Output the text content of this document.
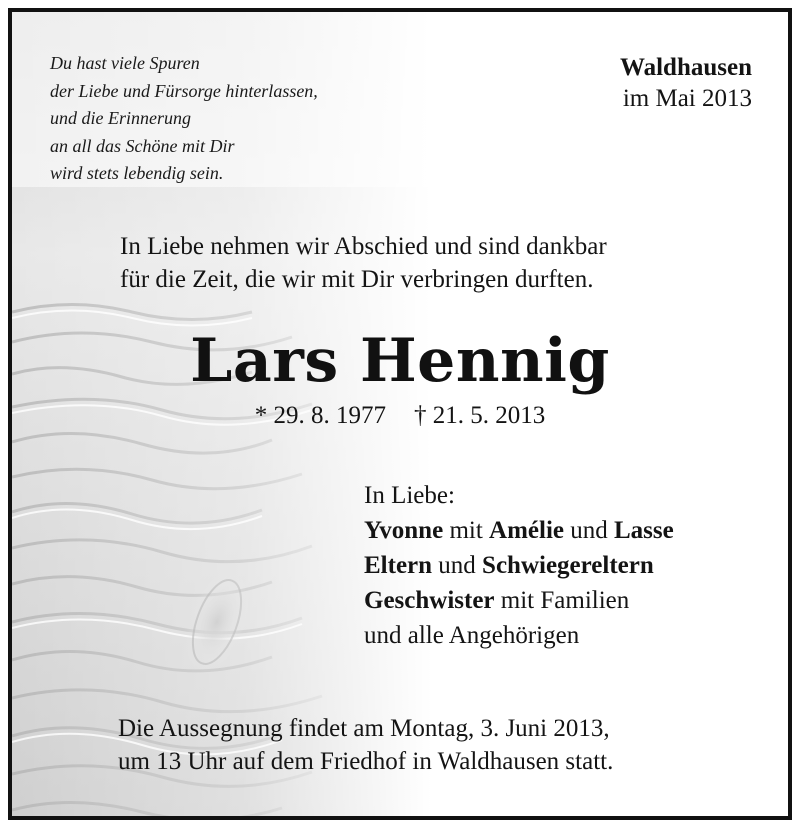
Du hast viele Spuren
der Liebe und Fürsorge hinterlassen,
und die Erinnerung
an all das Schöne mit Dir
wird stets lebendig sein.
Waldhausen
im Mai 2013
In Liebe nehmen wir Abschied und sind dankbar
für die Zeit, die wir mit Dir verbringen durften.
Lars Hennig
* 29. 8. 1977 † 21. 5. 2013
In Liebe:
Yvonne mit Amélie und Lasse
Eltern und Schwiegereltern
Geschwister mit Familien
und alle Angehörigen
Die Aussegnung findet am Montag, 3. Juni 2013,
um 13 Uhr auf dem Friedhof in Waldhausen statt.
